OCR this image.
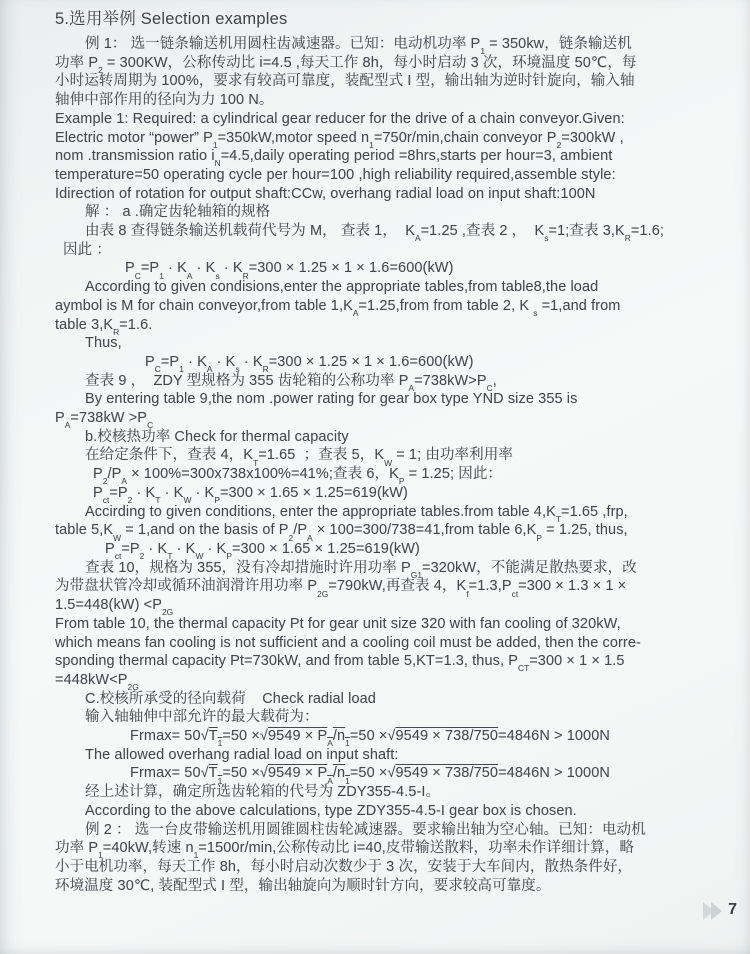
5.选用举例 Selection examples
例 1： 选一链条输送机用圆柱齿减速器。已知：电动机功率 $P_1 = 350kw$，链条输送机
功率 $P_2 = 300KW$，公称传动比 i=4.5 ,每天工作 8h，每小时启动 3 次，环境温度 50℃，每
小时运转周期为 100%，要求有较高可靠度，装配型式 I 型，输出轴为逆时针旋向，输入轴
轴伸中部作用的径向为力 100 N。
Example 1: Required: a cylindrical gear reducer for the drive of a chain conveyor.Given:
Electric motor “power” $P_1=350kW,motor$ speed $n_1=750r/\min,chain$ conveyor $P_2=300kW$ ,
nom .transmission ratio $i_N=4.5,daily$ operating period =8hrs,starts per hour=3, ambient
temperature=50 operating cycle per hour=100 ,high reliability required,assemble style:
Idirection of rotation for output shaft:CCw, overhang radial load on input shaft:100N
解 ： a .确定齿轮轴箱的规格
由表 8 查得链条输送机载荷代号为 M， 查表 1，  $K_A=1.25$ ,查表 2 ，  $K_s=1$;查表 $3,K_R=1.6$;
因此 ：
$P_C=P_1 \cdot K_A \cdot K_s \cdot K_R=300 \times 1.25 \times 1 \times 1.6=600(kW)$
According to given condisions,enter the appropriate tables,from table8,the load
aymbol is M for chain conveyor,from table $1,K_A=1.25,from$ from table 2, K $_s$ =1,and from
table $3,K_R=1.6$.
Thus,
$P_C=P_1 \cdot K_A \cdot K_s \cdot K_R=300 \times 1.25 \times 1 \times 1.6=600(kW)$
查表 9 ，  ZDY 型规格为 355 齿轮箱的公称功率 $P_A=738kW>P_C$,
By entering table 9,the nom .power rating for gear box type YND size 355 is
$P_A=738kW >P_C$
b.校核热功率 Check for thermal capacity
在给定条件下，查表 4，$K_T=1.65$  ；查表 5，$K_W = 1$; 由功率利用率
$P_2/P_A \times 100\%=300x738x100\%=41\%$;查表 6，$K_P = 1.25$; 因此：
$P_{ct}=P_2 \cdot K_T \cdot K_W \cdot K_P=300 \times 1.65 \times 1.25=619(kW)$
Accirding to given conditions, enter the appropriate tables.from table $4,K_T=1.65$ ,frp,
table $5,K_W = 1,and$ on the basis of $P_2/P_A$ × 100=300/738=41,from table $6,K_P = 1.25$, thus,
$P_{ct}=P_2 \cdot K_T \cdot K_W \cdot K_P=300 \times 1.65 \times 1.25=619(kW)$
查表 10，规格为 355，没有冷却措施时许用功率 $P_{G1}=320kW$，不能满足散热要求，改
为带盘状管冷却或循环油润滑许用功率 $P_{2G}=790kW$,再查表 4，$K_f=1.3,P_{ct}=300 \times 1.3 \times 1$ ×
$1.5=448(kW) <P_{2G}$
From table 10, the thermal capacity Pt for gear unit size 320 with fan cooling of 320kW,
which means fan cooling is not sufficient and a cooling coil must be added, then the corre-
sponding thermal capacity Pt=730kW, and from table 5,KT=1.3, thus, $P_{CT}=300 \times 1 \times 1.5$
$=448kW<P_{2G}$
C.校核所承受的径向载荷    Check radial load
输入轴轴伸中部允许的最大载荷为：
$Frmax= 50√T_1=50 \times√9549 \times P_A/n_1=50 \times√9549 \times 738/750=4846N > 1000N$
The allowed overhang radial load on input shaft:
$Frmax= 50√T_1=50 \times√9549 \times P_A/n_1=50 \times√9549 \times 738/750=4846N > 1000N$
经上述计算，确定所选齿轮箱的代号为 ZDY355-4.5-I。
According to the above calculations, type ZDY355-4.5-I gear box is chosen.
例 2 ： 选一台皮带输送机用圆锥圆柱齿轮减速器。要求输出轴为空心轴。已知：电动机
功率 $P_1=40kW$,转速 $n_1=1500r/\min$,公称传动比 i=40,皮带输送散料，功率未作详细计算，略
小于电机功率，每天工作 8h，每小时启动次数少于 3 次，安装于大车间内，散热条件好，
环境温度 30℃, 装配型式 I 型，输出轴旋向为顺时针方向，要求较高可靠度。
7
